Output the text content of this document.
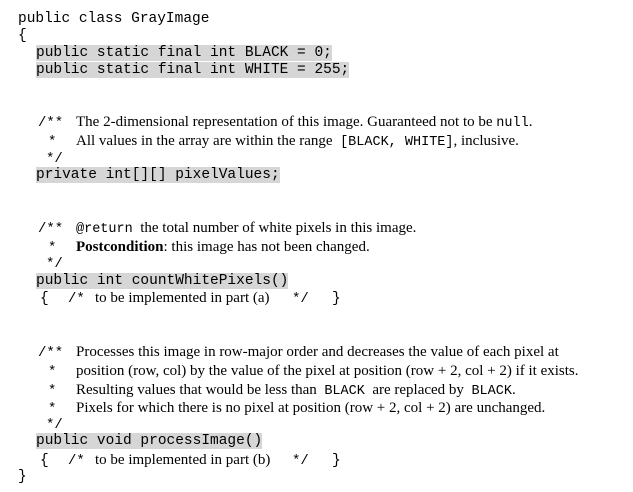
public class GrayImage
{
public static final int BLACK = 0;
public static final int WHITE = 255;
/** The 2-dimensional representation of this image. Guaranteed not to be null.
* All values in the array are within the range [BLACK, WHITE], inclusive.
*/
private int[][] pixelValues;
/** @return the total number of white pixels in this image.
* Postcondition: this image has not been changed.
*/
public int countWhitePixels()
{ /* to be implemented in part (a) */ }
/** Processes this image in row-major order and decreases the value of each pixel at
* position (row, col) by the value of the pixel at position (row + 2, col + 2) if it exists.
* Resulting values that would be less than BLACK are replaced by BLACK.
* Pixels for which there is no pixel at position (row + 2, col + 2) are unchanged.
*/
public void processImage()
{ /* to be implemented in part (b) */ }
}
